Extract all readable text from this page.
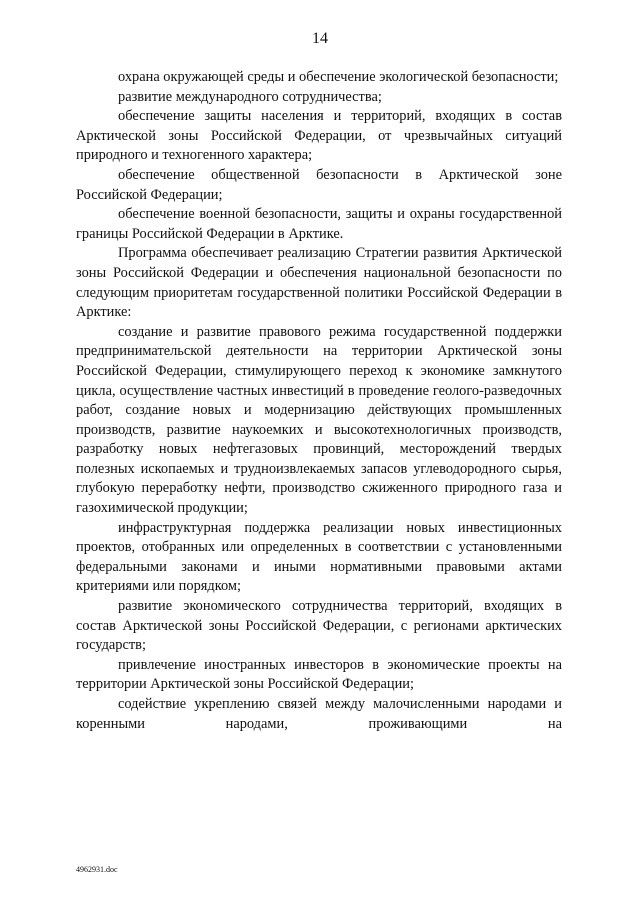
14

охрана окружающей среды и обеспечение экологической безопасности;

развитие международного сотрудничества;

обеспечение защиты населения и территорий, входящих в состав Арктической зоны Российской Федерации, от чрезвычайных ситуаций природного и техногенного характера;

обеспечение общественной безопасности в Арктической зоне Российской Федерации;

обеспечение военной безопасности, защиты и охраны государственной границы Российской Федерации в Арктике.

Программа обеспечивает реализацию Стратегии развития Арктической зоны Российской Федерации и обеспечения национальной безопасности по следующим приоритетам государственной политики Российской Федерации в Арктике:

создание и развитие правового режима государственной поддержки предпринимательской деятельности на территории Арктической зоны Российской Федерации, стимулирующего переход к экономике замкнутого цикла, осуществление частных инвестиций в проведение геолого-разведочных работ, создание новых и модернизацию действующих промышленных производств, развитие наукоемких и высокотехнологичных производств, разработку новых нефтегазовых провинций, месторождений твердых полезных ископаемых и трудноизвлекаемых запасов углеводородного сырья, глубокую переработку нефти, производство сжиженного природного газа и газохимической продукции;

инфраструктурная поддержка реализации новых инвестиционных проектов, отобранных или определенных в соответствии с установленными федеральными законами и иными нормативными правовыми актами критериями или порядком;

развитие экономического сотрудничества территорий, входящих в состав Арктической зоны Российской Федерации, с регионами арктических государств;

привлечение иностранных инвесторов в экономические проекты на территории Арктической зоны Российской Федерации;

содействие укреплению связей между малочисленными народами и коренными народами, проживающими на

4962931.doc
